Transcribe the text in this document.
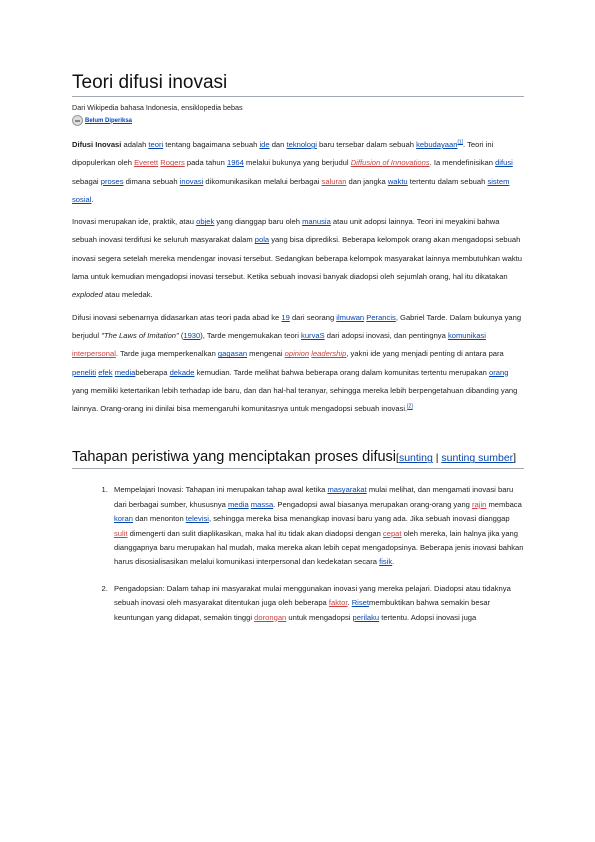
Teori difusi inovasi
Dari Wikipedia bahasa Indonesia, ensiklopedia bebas
Belum Diperiksa

Difusi Inovasi adalah teori tentang bagaimana sebuah ide dan teknologi baru tersebar dalam sebuah kebudayaan[1]. Teori ini dipopulerkan oleh Everett Rogers pada tahun 1964 melalui bukunya yang berjudul Diffusion of Innovations. Ia mendefinisikan difusi sebagai proses dimana sebuah inovasi dikomunikasikan melalui berbagai saluran dan jangka waktu tertentu dalam sebuah sistem sosial.

Inovasi merupakan ide, praktik, atau objek yang dianggap baru oleh manusia atau unit adopsi lainnya. Teori ini meyakini bahwa sebuah inovasi terdifusi ke seluruh masyarakat dalam pola yang bisa diprediksi. Beberapa kelompok orang akan mengadopsi sebuah inovasi segera setelah mereka mendengar inovasi tersebut. Sedangkan beberapa kelompok masyarakat lainnya membutuhkan waktu lama untuk kemudian mengadopsi inovasi tersebut. Ketika sebuah inovasi banyak diadopsi oleh sejumlah orang, hal itu dikatakan exploded atau meledak.

Difusi inovasi sebenarnya didasarkan atas teori pada abad ke 19 dari seorang ilmuwan Perancis, Gabriel Tarde. Dalam bukunya yang berjudul "The Laws of Imitation" (1930), Tarde mengemukakan teori kurvaS dari adopsi inovasi, dan pentingnya komunikasi interpersonal. Tarde juga memperkenalkan gagasan mengenai opinion leadership, yakni ide yang menjadi penting di antara para peneliti efek mediabeberapa dekade kemudian. Tarde melihat bahwa beberapa orang dalam komunitas tertentu merupakan orang yang memiliki ketertarikan lebih terhadap ide baru, dan dan hal-hal teranyar, sehingga mereka lebih berpengetahuan dibanding yang lainnya. Orang-orang ini dinilai bisa memengaruhi komunitasnya untuk mengadopsi sebuah inovasi.[2]

Tahapan peristiwa yang menciptakan proses difusi[sunting | sunting sumber]
1. Mempelajari Inovasi: Tahapan ini merupakan tahap awal ketika masyarakat mulai melihat, dan mengamati inovasi baru dari berbagai sumber, khususnya media massa. Pengadopsi awal biasanya merupakan orang-orang yang rajin membaca koran dan menonton televisi, sehingga mereka bisa menangkap inovasi baru yang ada. Jika sebuah inovasi dianggap sulit dimengerti dan sulit diaplikasikan, maka hal itu tidak akan diadopsi dengan cepat oleh mereka, lain halnya jika yang dianggapnya baru merupakan hal mudah, maka mereka akan lebih cepat mengadopsinya. Beberapa jenis inovasi bahkan harus disosialisasikan melalui komunikasi interpersonal dan kedekatan secara fisik.
2. Pengadopsian: Dalam tahap ini masyarakat mulai menggunakan inovasi yang mereka pelajari. Diadopsi atau tidaknya sebuah inovasi oleh masyarakat ditentukan juga oleh beberapa faktor. Risetmembuktikan bahwa semakin besar keuntungan yang didapat, semakin tinggi dorongan untuk mengadopsi perilaku tertentu. Adopsi inovasi juga
